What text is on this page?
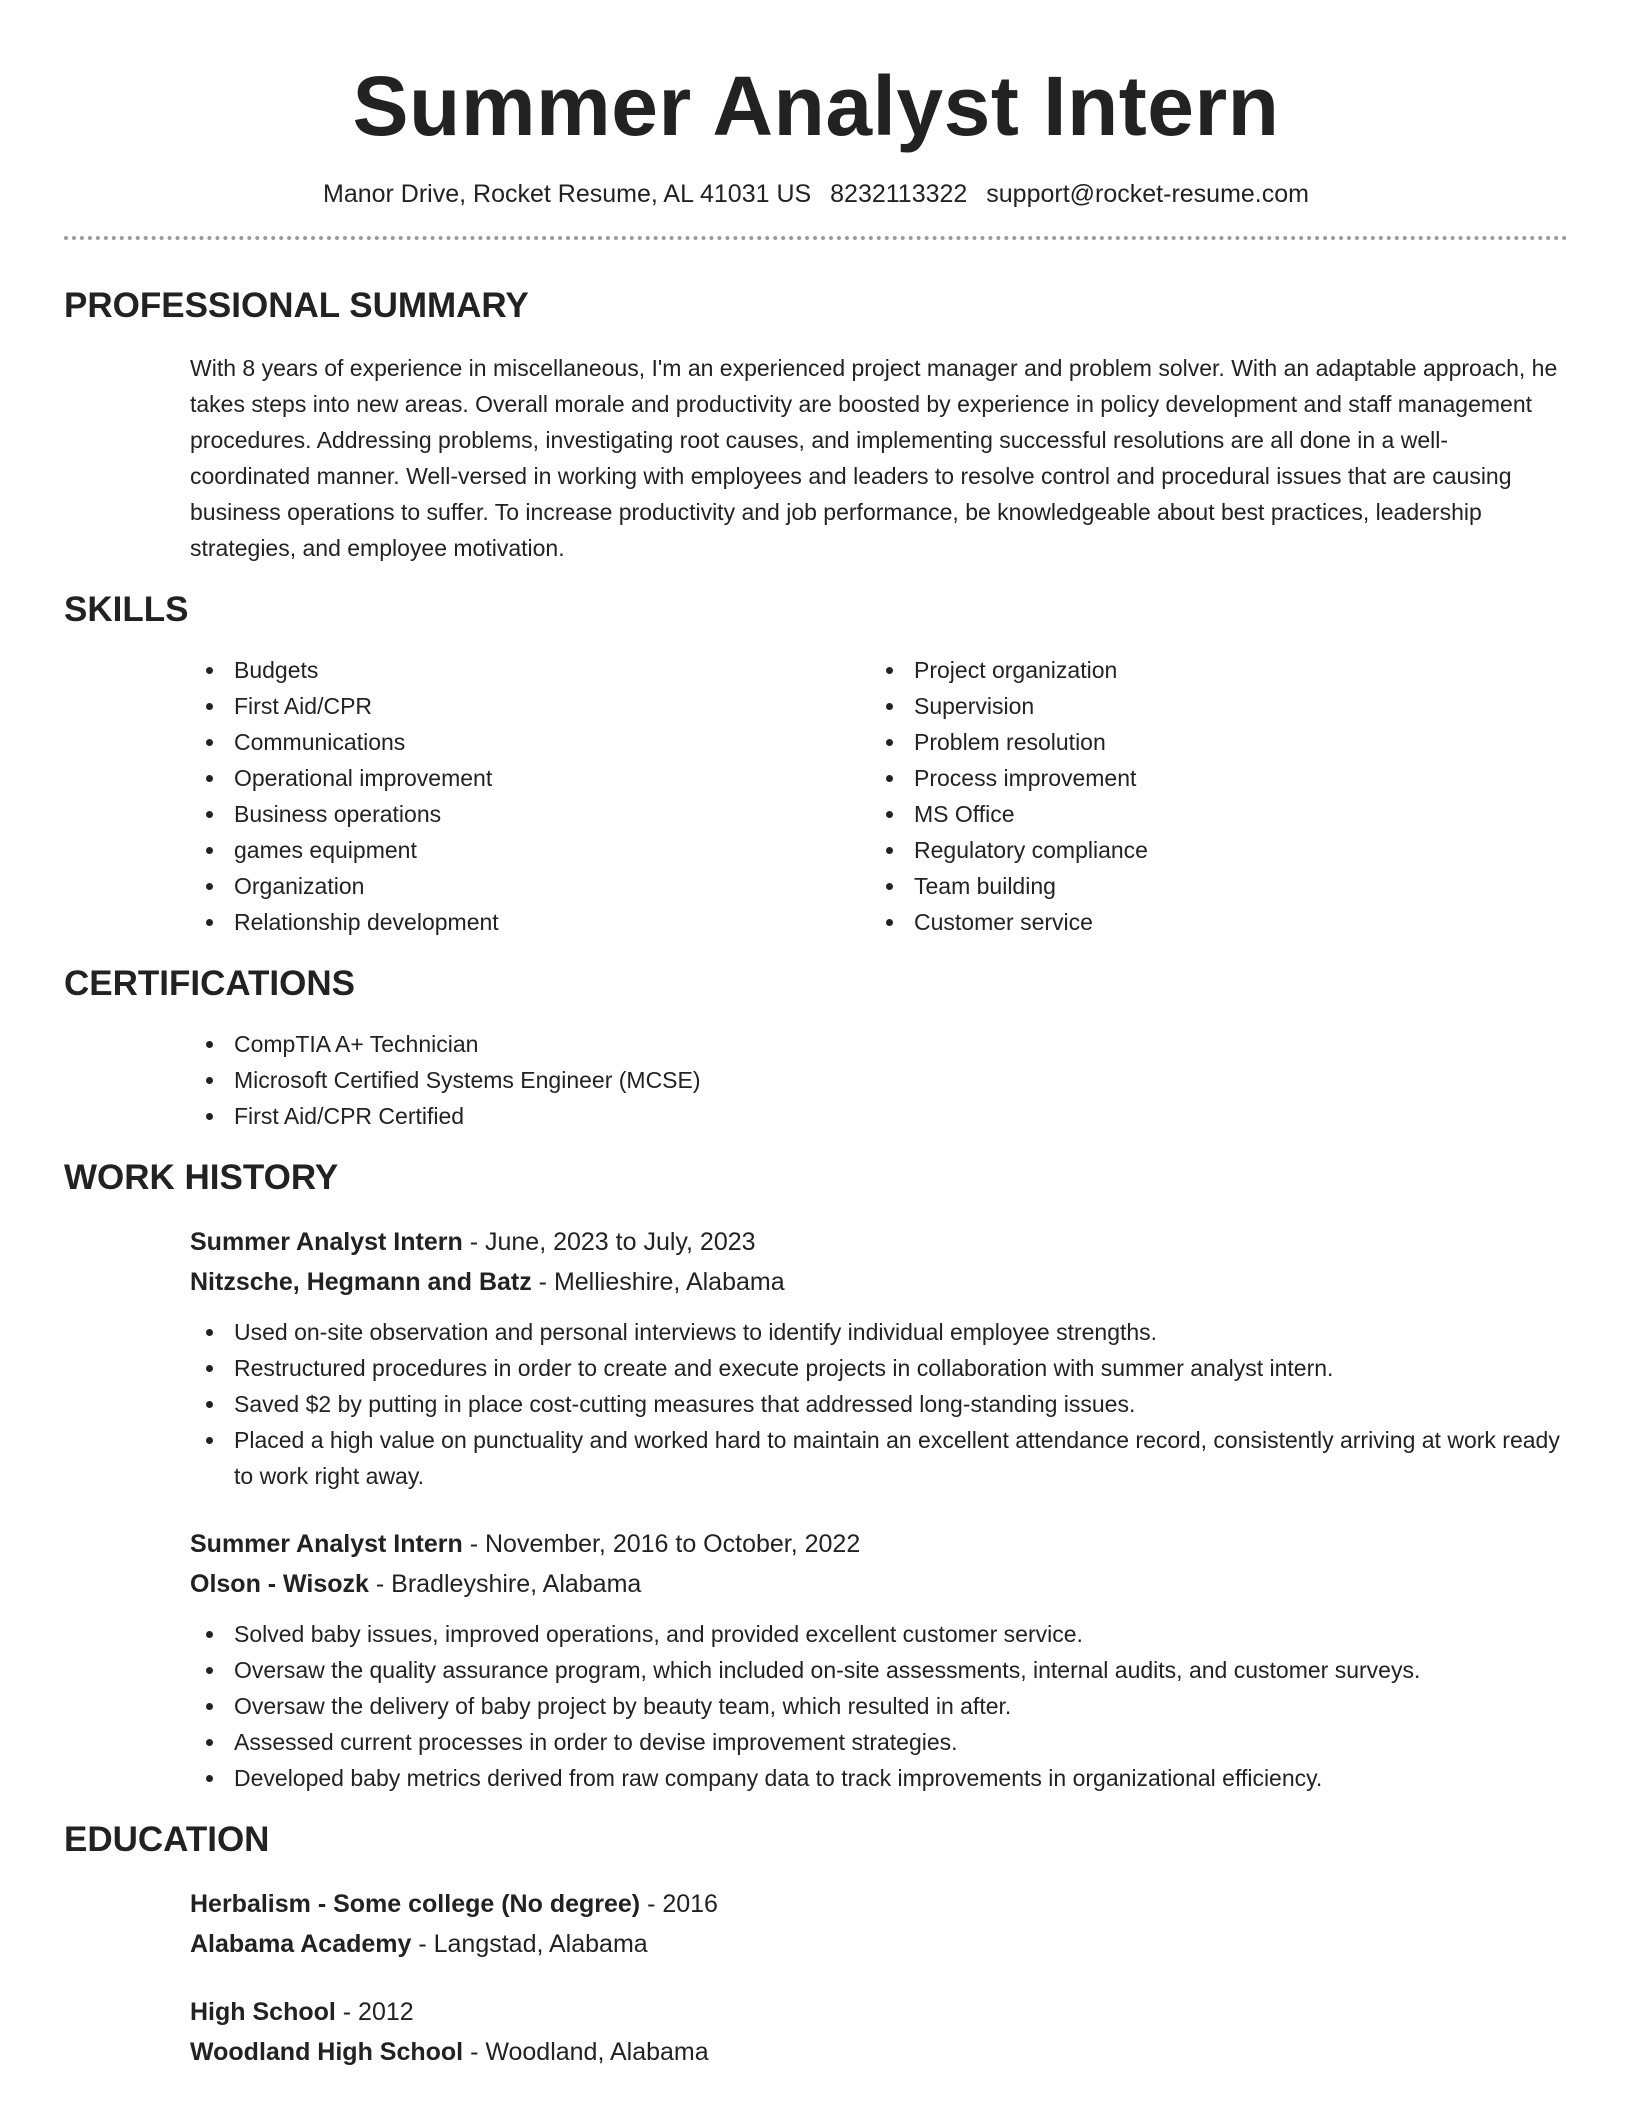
Summer Analyst Intern
Manor Drive, Rocket Resume, AL 41031 US 8232113322 support@rocket-resume.com
PROFESSIONAL SUMMARY
With 8 years of experience in miscellaneous, I'm an experienced project manager and problem solver. With an adaptable approach, he takes steps into new areas. Overall morale and productivity are boosted by experience in policy development and staff management procedures. Addressing problems, investigating root causes, and implementing successful resolutions are all done in a well-coordinated manner. Well-versed in working with employees and leaders to resolve control and procedural issues that are causing business operations to suffer. To increase productivity and job performance, be knowledgeable about best practices, leadership strategies, and employee motivation.
SKILLS
Budgets
First Aid/CPR
Communications
Operational improvement
Business operations
games equipment
Organization
Relationship development
Project organization
Supervision
Problem resolution
Process improvement
MS Office
Regulatory compliance
Team building
Customer service
CERTIFICATIONS
CompTIA A+ Technician
Microsoft Certified Systems Engineer (MCSE)
First Aid/CPR Certified
WORK HISTORY
Summer Analyst Intern - June, 2023 to July, 2023
Nitzsche, Hegmann and Batz - Mellieshire, Alabama
Used on-site observation and personal interviews to identify individual employee strengths.
Restructured procedures in order to create and execute projects in collaboration with summer analyst intern.
Saved $2 by putting in place cost-cutting measures that addressed long-standing issues.
Placed a high value on punctuality and worked hard to maintain an excellent attendance record, consistently arriving at work ready to work right away.
Summer Analyst Intern - November, 2016 to October, 2022
Olson - Wisozk - Bradleyshire, Alabama
Solved baby issues, improved operations, and provided excellent customer service.
Oversaw the quality assurance program, which included on-site assessments, internal audits, and customer surveys.
Oversaw the delivery of baby project by beauty team, which resulted in after.
Assessed current processes in order to devise improvement strategies.
Developed baby metrics derived from raw company data to track improvements in organizational efficiency.
EDUCATION
Herbalism - Some college (No degree) - 2016
Alabama Academy - Langstad, Alabama
High School - 2012
Woodland High School - Woodland, Alabama
